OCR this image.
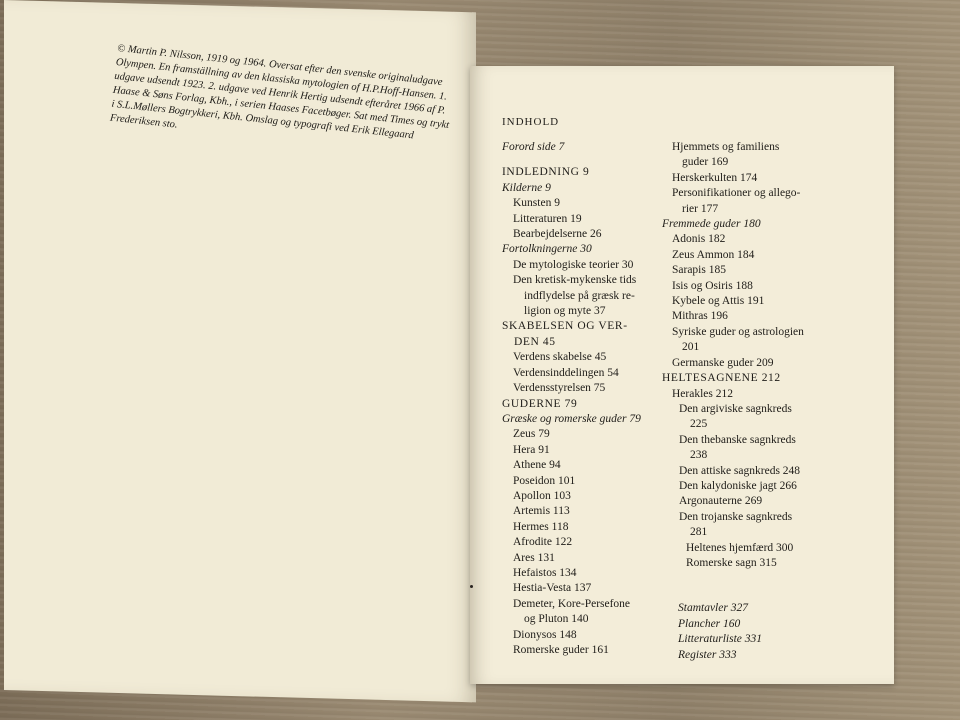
© Martin P. Nilsson, 1919 og 1964. Oversat efter den svenske originaludgave Olympen. En framställning av den klassiska mytologien of H.P.Hoff-Hansen. 1. udgave udsendt 1923. 2. udgave ved Henrik Hertig udsendt efteråret 1966 af P. Haase & Søns Forlag, Kbh., i serien Haases Facetbøger. Sat med Times og trykt i S.L.Møllers Bogtrykkeri, Kbh. Omslag og typografi ved Erik Ellegaard Frederiksen sto.	INDHOLD
Forord side 7
INDLEDNING 9
Kilderne 9
Kunsten 9
Litteraturen 19
Bearbejdelserne 26
Fortolkningerne 30
De mytologiske teorier 30
Den kretisk-mykenske tids
indflydelse på græsk re-
ligion og myte 37
SKABELSEN OG VER-
DEN 45
Verdens skabelse 45
Verdensinddelingen 54
Verdensstyrelsen 75
GUDERNE 79
Græske og romerske guder 79
Zeus 79
Hera 91
Athene 94
Poseidon 101
Apollon 103
Artemis 113
Hermes 118
Afrodite 122
Ares 131
Hefaistos 134
Hestia-Vesta 137
Demeter, Kore-Persefone
og Pluton 140
Dionysos 148
Romerske guder 161
Hjemmets og familiens
guder 169
Herskerkulten 174
Personifikationer og allego-
rier 177
Fremmede guder 180
Adonis 182
Zeus Ammon 184
Sarapis 185
Isis og Osiris 188
Kybele og Attis 191
Mithras 196
Syriske guder og astrologien
201
Germanske guder 209
HELTESAGNENE 212
Herakles 212
Den argiviske sagnkreds
225
Den thebanske sagnkreds
238
Den attiske sagnkreds 248
Den kalydoniske jagt 266
Argonauterne 269
Den trojanske sagnkreds
281
Heltenes hjemfærd 300
Romerske sagn 315
Stamtavler 327
Plancher 160
Litteraturliste 331
Register 333
